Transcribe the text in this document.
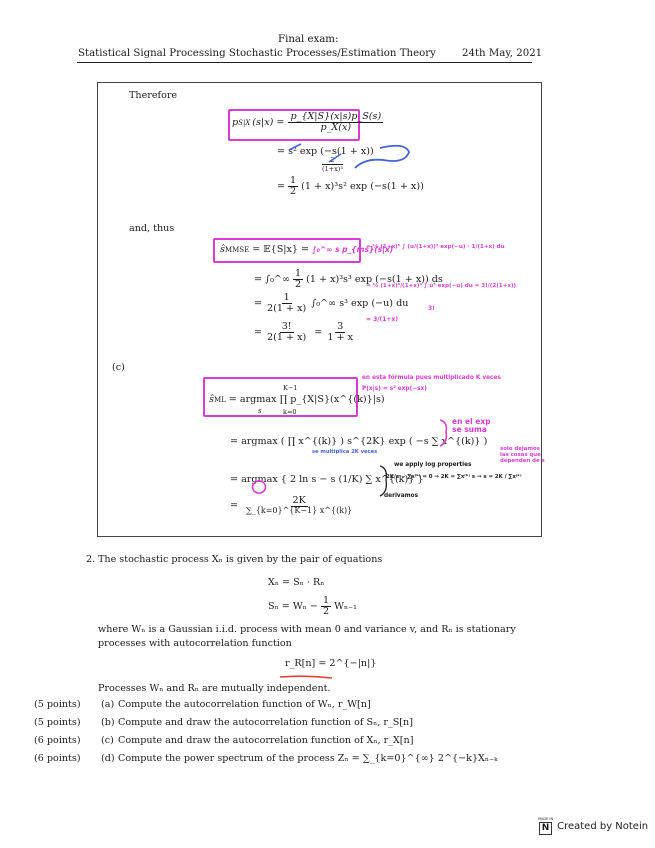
Final exam:
Statistical Signal Processing Stochastic Processes/Estimation Theory	24th May, 2021
Therefore
p S|X $(s|x) = \frac{p\_\{X|S\}(x|s)p\_S(s)}{p\_X(x)}$
= s² exp (−s(1 + x))
$\frac{2}{\text{(1+x)³}}$
= $\frac{1}{2} (1 + x)^3s^2$ exp (−s(1 + x))
and, thus
ŝ MMSE = 𝔼{S|x} = ∫₀^∞ s p_{ms}(s|x)
= ∫₀^∞ $\frac{1}{2} (1 + x)^3s^3$ exp (−s(1 + x)) ds
= $\frac{1}{2(1 + x)}$ ∫₀^∞ s³ exp (−u) du
= $\frac{3!}{2(1 + x)} = \frac{3}{1 + x}$
= ½ (1+x)³ ∫ (u/(1+x))³ exp(−u) · 1/(1+x) du
= ½ (1+x)³/(1+x)⁴ ∫ u³ exp(−u) du = 3!/(2(1+x))
3!
= 3/(1+x)
(c)
ŝ ML = argmax ∏ p_{X|S}(x^{(k)}|s)
K−1
k=0
s
= argmax ( ∏ x^{(k)} ) s^{2K} exp ( −s ∑ x^{(k)} )
= argmax { 2 ln s − s (1/K) ∑ x^{(k)} }
= $\frac{2K}{\sum\_\{k=0\}\^{}\{K-1\} x\^{}\{(k)\}}$
en esta fórmula pues multiplicado K veces
P(x|s) = s² exp(−sx)
en el exp se suma
se multiplica 2K veces	solo dejamos las cosas que dependen de s
we apply log properties
2K/s − ∑x⁽ᵏ⁾ = 0 ⇒ 2K = ∑x⁽ᵏ⁾ s ⇒ s = 2K / ∑x⁽ᵏ⁾
derivamos
2. The stochastic process Xₙ is given by the pair of equations
Xₙ = Sₙ · Rₙ
$S_n = W_n - \frac{1}{2} W_{n-1}$
where Wₙ is a Gaussian i.i.d. process with mean 0 and variance v, and Rₙ is stationary
processes with autocorrelation function
r_R[n] = 2^{−|n|}
Processes Wₙ and Rₙ are mutually independent.
(5 points) (a) Compute the autocorrelation function of Wₙ, r_W[n]
(5 points) (b) Compute and draw the autocorrelation function of Sₙ, r_S[n]
(6 points) (c) Compute and draw the autocorrelation function of Xₙ, r_X[n]
(6 points) (d) Compute the power spectrum of the process Zₙ = ∑_{k=0}^{∞} 2^{−k}Xₙ₋ₖ
MADE IN
N Created by Notein
